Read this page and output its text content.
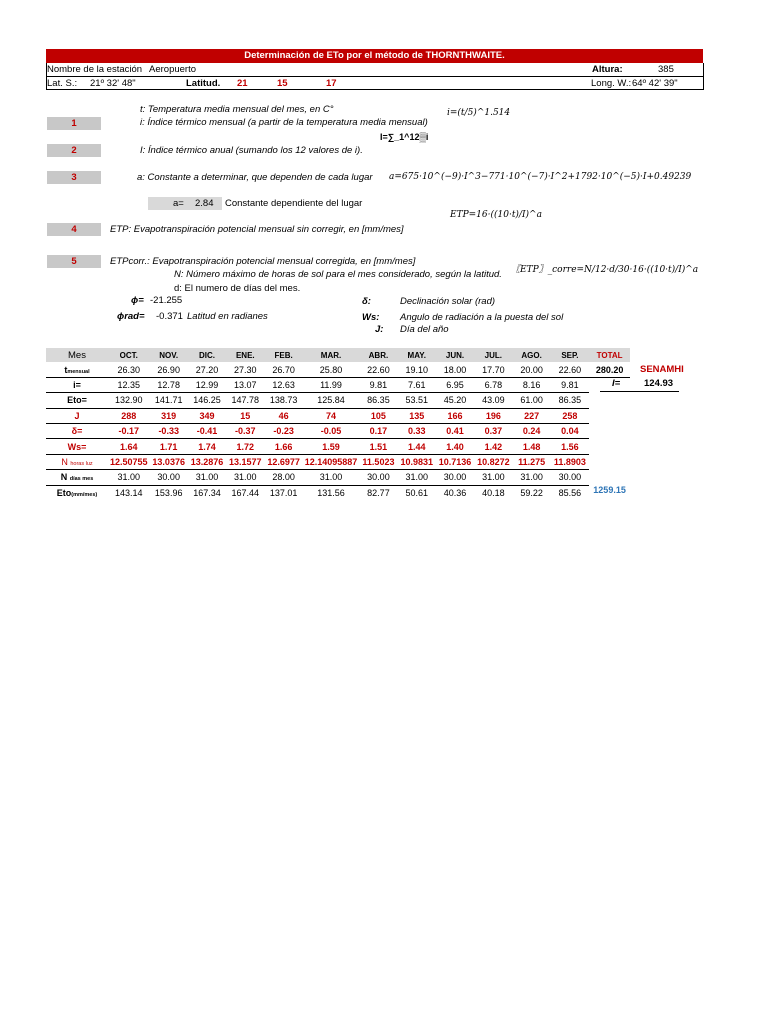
Determinación de ETo por el método de THORNTHWAITE.
Nombre de la estación Aeropuerto	Altura:	385
Lat. S.: 21º 32' 48"	Latitud. 21	15	17	Long. W.: 64º 42' 39"
t: Temperatura media mensual del mes, en C°
1	i: Índice térmico mensual (a partir de la temperatura media mensual)
i=(t/5)^1.514
I=∑_1^12▒i
2	I: Índice térmico anual (sumando los 12 valores de i).
3	a: Constante a determinar, que dependen de cada lugar a=675·10^(−9)·I^3−771·10^(−7)·I^2+1792·10^(−5)·I+0.49239
a= 2.84 Constante dependiente del lugar
ETP=16·((10·t)/I)^a
4	ETP: Evapotranspiración potencial mensual sin corregir, en [mm/mes]
5	ETPcorr.: Evapotranspiración potencial mensual corregida, en [mm/mes]
〖ETP〗_corre=N/12·d/30·16·((10·t)/I)^a
N: Número máximo de horas de sol para el mes considerado, según la latitud.
d: El numero de días del mes.
ϕ= -21.255	δ:	Declinación solar (rad)
ϕrad= -0.371 Latitud en radianes	Ws: Angulo de radiación a la puesta del sol
J: Día del año
Mes	OCT.	NOV.	DIC.	ENE.	FEB.	MAR.	ABR.	MAY.	JUN.	JUL.	AGO.	SEP.	TOTAL
tmensual	26.30	26.90	27.20	27.30	26.70	25.80	22.60	19.10	18.00	17.70	20.00	22.60	280.20
i=	12.35	12.78	12.99	13.07	12.63	11.99	9.81	7.61	6.95	6.78	8.16	9.81	
Eto=	132.90	141.71	146.25	147.78	138.73	125.84	86.35	53.51	45.20	43.09	61.00	86.35	
J	288	319	349	15	46	74	105	135	166	196	227	258	
δ=	-0.17	-0.33	-0.41	-0.37	-0.23	-0.05	0.17	0.33	0.41	0.37	0.24	0.04	
Ws=	1.64	1.71	1.74	1.72	1.66	1.59	1.51	1.44	1.40	1.42	1.48	1.56	
N horas luz	12.50755	13.0376	13.2876	13.1577	12.6977	12.14095887	11.5023	10.9831	10.7136	10.8272	11.275	11.8903	
N días mes	31.00	30.00	31.00	31.00	28.00	31.00	30.00	31.00	30.00	31.00	31.00	30.00	
Eto(mm/mes)	143.14	153.96	167.34	167.44	137.01	131.56	82.77	50.61	40.36	40.18	59.22	85.56	1259.15
SENAMHI
I=	124.93
